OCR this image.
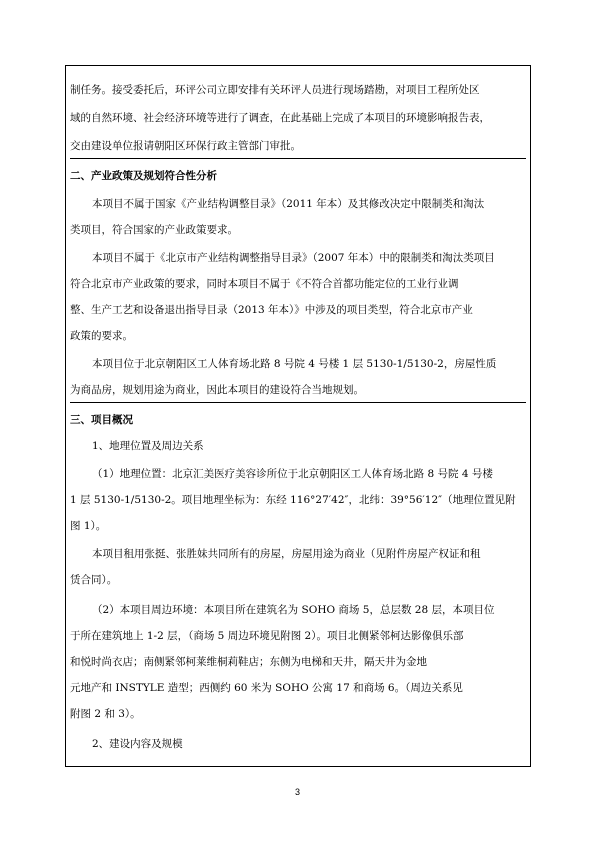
制任务。接受委托后，环评公司立即安排有关环评人员进行现场踏勘，对项目工程所处区
域的自然环境、社会经济环境等进行了调查，在此基础上完成了本项目的环境影响报告表，
交由建设单位报请朝阳区环保行政主管部门审批。
二、产业政策及规划符合性分析
本项目不属于国家《产业结构调整目录》（2011 年本）及其修改决定中限制类和淘汰
类项目，符合国家的产业政策要求。
本项目不属于《北京市产业结构调整指导目录》（2007 年本）中的限制类和淘汰类项目
符合北京市产业政策的要求，同时本项目不属于《不符合首都功能定位的工业行业调
整、生产工艺和设备退出指导目录（2013 年本）》中涉及的项目类型，符合北京市产业
政策的要求。
本项目位于北京朝阳区工人体育场北路 8 号院 4 号楼 1 层 5130-1/5130-2，房屋性质
为商品房，规划用途为商业，因此本项目的建设符合当地规划。
三、项目概况
1、地理位置及周边关系
（1）地理位置：北京汇美医疗美容诊所位于北京朝阳区工人体育场北路 8 号院 4 号楼
1 层 5130-1/5130-2。项目地理坐标为：东经 116°27′42″，北纬：39°56′12″（地理位置见附
图 1）。
本项目租用张挺、张胜妹共同所有的房屋，房屋用途为商业（见附件房屋产权证和租
赁合同）。
（2）本项目周边环境：本项目所在建筑名为 SOHO 商场 5，总层数 28 层，本项目位
于所在建筑地上 1-2 层，（商场 5 周边环境见附图 2）。项目北侧紧邻柯达影像俱乐部
和悦时尚衣店；南侧紧邻柯莱维桐莉鞋店；东侧为电梯和天井，隔天井为金地
元地产和 INSTYLE 造型；西侧约 60 米为 SOHO 公寓 17 和商场 6。（周边关系见
附图 2 和 3）。
2、建设内容及规模
3
